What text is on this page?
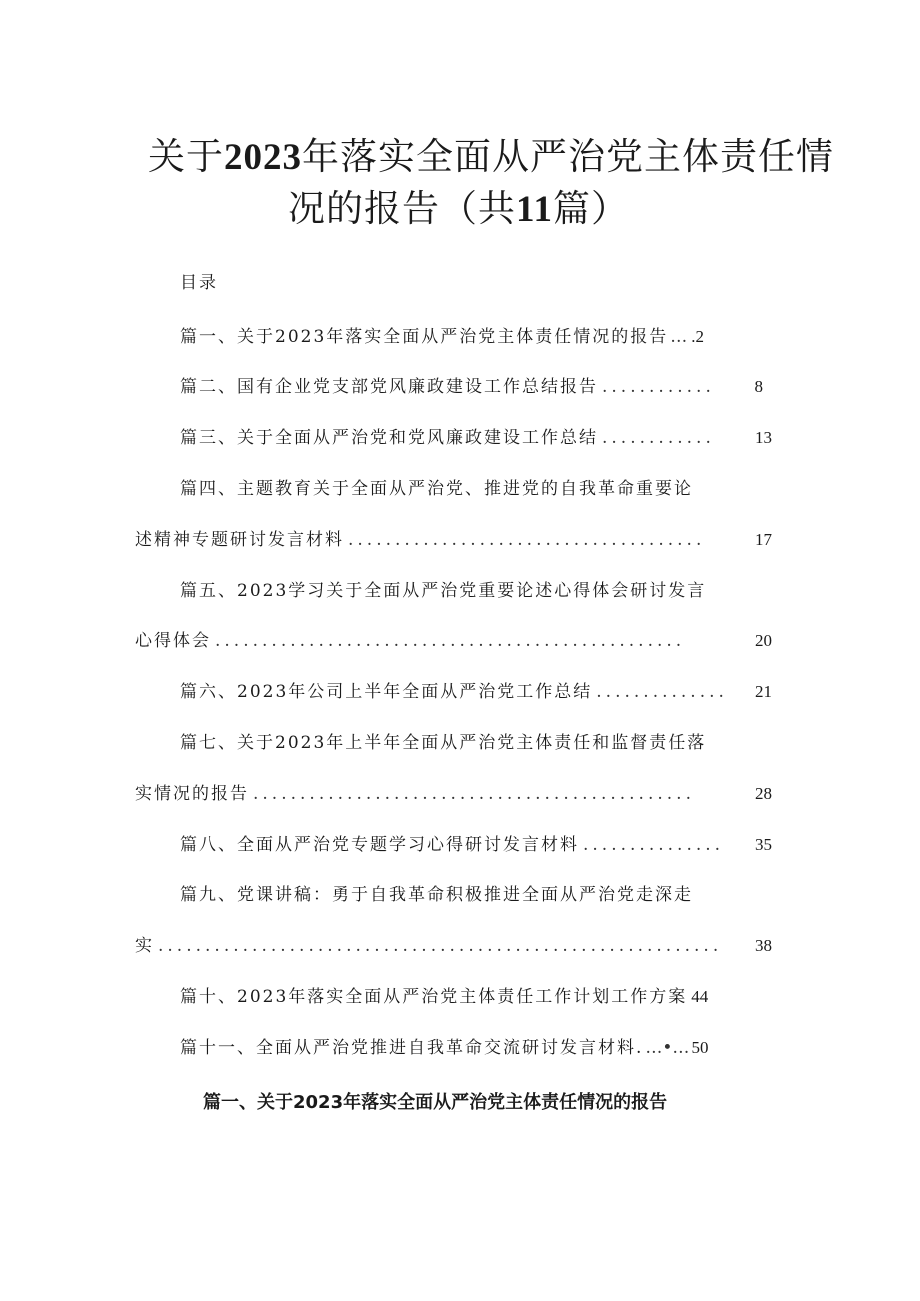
关于2023年落实全面从严治党主体责任情
况的报告（共11篇）
目录
篇一、关于2023年落实全面从严治党主体责任情况的报告 … .2
篇二、国有企业党支部党风廉政建设工作总结报告 ............	8
篇三、关于全面从严治党和党风廉政建设工作总结 ............	13
篇四、主题教育关于全面从严治党、推进党的自我革命重要论
述精神专题研讨发言材料 ......................................	17
篇五、2023学习关于全面从严治党重要论述心得体会研讨发言
心得体会 ..................................................	20
篇六、2023年公司上半年全面从严治党工作总结 ..............	21
篇七、关于2023年上半年全面从严治党主体责任和监督责任落
实情况的报告 ...............................................	28
篇八、全面从严治党专题学习心得研讨发言材料 ...............	35
篇九、党课讲稿：勇于自我革命积极推进全面从严治党走深走
实 ............................................................	38
篇十、2023年落实全面从严治党主体责任工作计划工作方案 44
篇十一、全面从严治党推进自我革命交流研讨发言材料. …•… 50
篇一、关于2023年落实全面从严治党主体责任情况的报告
